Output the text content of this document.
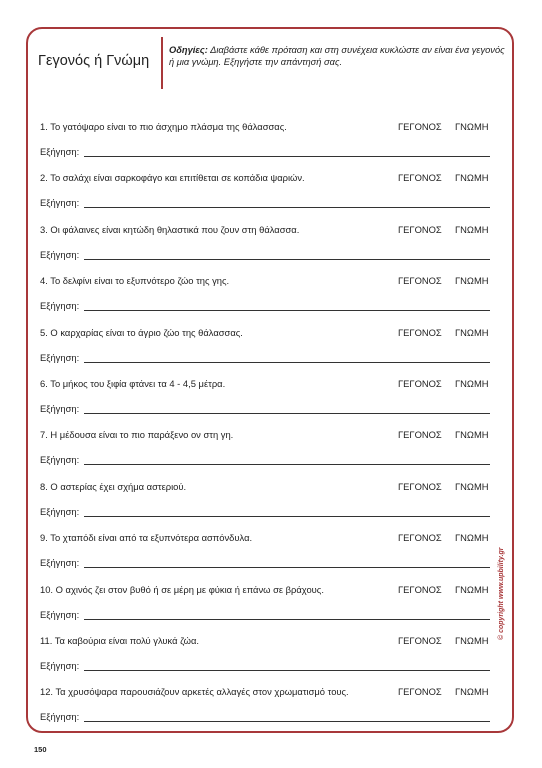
Γεγονός ή Γνώμη
Οδηγίες: Διαβάστε κάθε πρόταση και στη συνέχεια κυκλώστε αν είναι ένα γεγονός ή μια γνώμη. Εξηγήστε την απάντησή σας.
1. Το γατόψαρο είναι το πιο άσχημο πλάσμα της θάλασσας.	ΓΕΓΟΝΟΣ ΓΝΩΜΗ
Εξήγηση:
2. Το σαλάχι είναι σαρκοφάγο και επιτίθεται σε κοπάδια ψαριών.	ΓΕΓΟΝΟΣ ΓΝΩΜΗ
Εξήγηση:
3. Οι φάλαινες είναι κητώδη θηλαστικά που ζουν στη θάλασσα.	ΓΕΓΟΝΟΣ ΓΝΩΜΗ
Εξήγηση:
4. Το δελφίνι είναι το εξυπνότερο ζώο της γης.	ΓΕΓΟΝΟΣ ΓΝΩΜΗ
Εξήγηση:
5. Ο καρχαρίας είναι το άγριο ζώο της θάλασσας.	ΓΕΓΟΝΟΣ ΓΝΩΜΗ
Εξήγηση:
6. Το μήκος του ξιφία φτάνει τα 4 - 4,5 μέτρα.	ΓΕΓΟΝΟΣ ΓΝΩΜΗ
Εξήγηση:
7. Η μέδουσα είναι το πιο παράξενο ον στη γη.	ΓΕΓΟΝΟΣ ΓΝΩΜΗ
Εξήγηση:
8. Ο αστερίας έχει σχήμα αστεριού.	ΓΕΓΟΝΟΣ ΓΝΩΜΗ
Εξήγηση:
9. Το χταπόδι είναι από τα εξυπνότερα ασπόνδυλα.	ΓΕΓΟΝΟΣ ΓΝΩΜΗ
Εξήγηση:
10. Ο αχινός ζει στον βυθό ή σε μέρη με φύκια ή επάνω σε βράχους.	ΓΕΓΟΝΟΣ ΓΝΩΜΗ
Εξήγηση:
11. Τα καβούρια είναι πολύ γλυκά ζώα.	ΓΕΓΟΝΟΣ ΓΝΩΜΗ
Εξήγηση:
12. Τα χρυσόψαρα παρουσιάζουν αρκετές αλλαγές στον χρωματισμό τους.	ΓΕΓΟΝΟΣ ΓΝΩΜΗ
Εξήγηση:
© copyright www.upbility.gr
150
